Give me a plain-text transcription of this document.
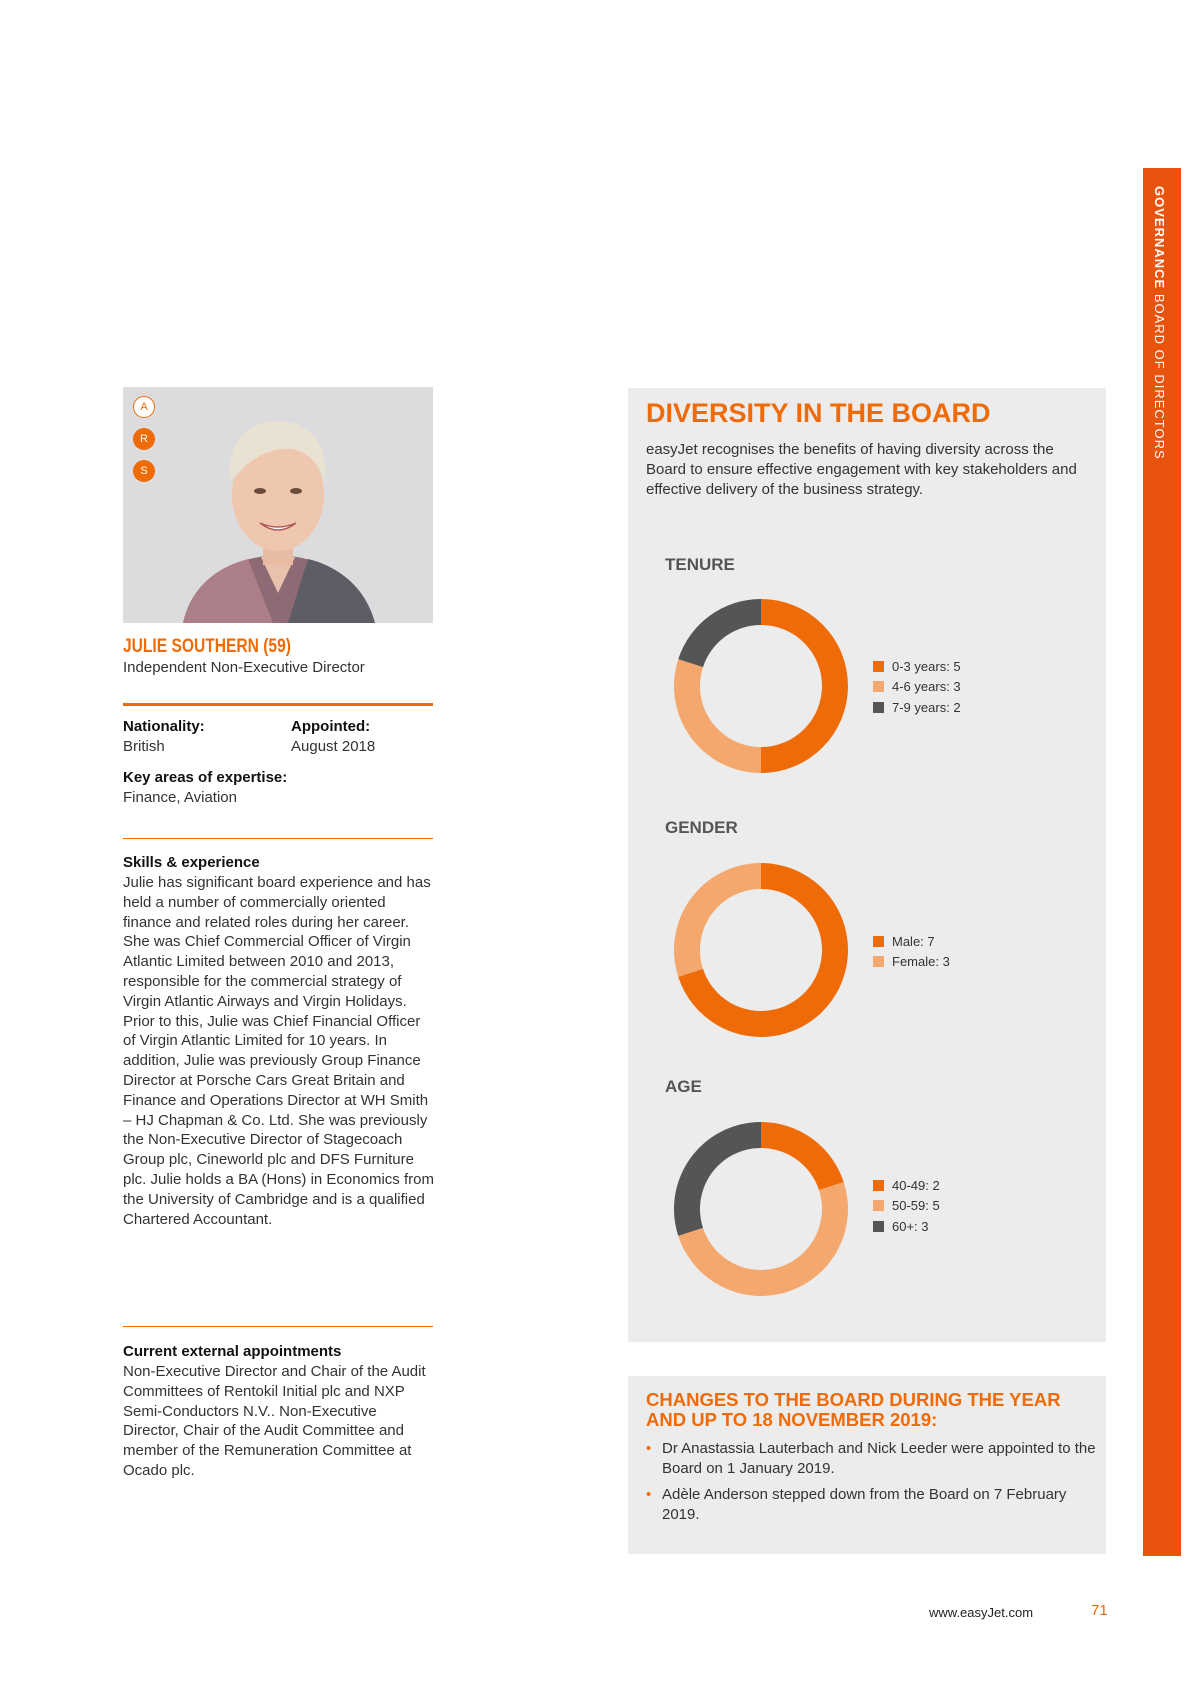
GOVERNANCE BOARD OF DIRECTORS
A
R
S
JULIE SOUTHERN (59)
Independent Non-Executive Director
Nationality:
British
Appointed:
August 2018
Key areas of expertise:
Finance, Aviation
Skills & experience
Julie has significant board experience and has held a number of commercially oriented finance and related roles during her career. She was Chief Commercial Officer of Virgin Atlantic Limited between 2010 and 2013, responsible for the commercial strategy of Virgin Atlantic Airways and Virgin Holidays. Prior to this, Julie was Chief Financial Officer of Virgin Atlantic Limited for 10 years. In addition, Julie was previously Group Finance Director at Porsche Cars Great Britain and Finance and Operations Director at WH Smith – HJ Chapman & Co. Ltd. She was previously the Non-Executive Director of Stagecoach Group plc, Cineworld plc and DFS Furniture plc. Julie holds a BA (Hons) in Economics from the University of Cambridge and is a qualified Chartered Accountant.
Current external appointments
Non-Executive Director and Chair of the Audit Committees of Rentokil Initial plc and NXP Semi-Conductors N.V.. Non-Executive Director, Chair of the Audit Committee and member of the Remuneration Committee at Ocado plc.
DIVERSITY IN THE BOARD
easyJet recognises the benefits of having diversity across the Board to ensure effective engagement with key stakeholders and effective delivery of the business strategy.
TENURE
0-3 years: 5
4-6 years: 3
7-9 years: 2
GENDER
Male: 7
Female: 3
AGE
40-49: 2
50-59: 5
60+: 3
CHANGES TO THE BOARD DURING THE YEAR AND UP TO 18 NOVEMBER 2019:
• Dr Anastassia Lauterbach and Nick Leeder were appointed to the Board on 1 January 2019.
• Adèle Anderson stepped down from the Board on 7 February 2019.
www.easyJet.com	71
